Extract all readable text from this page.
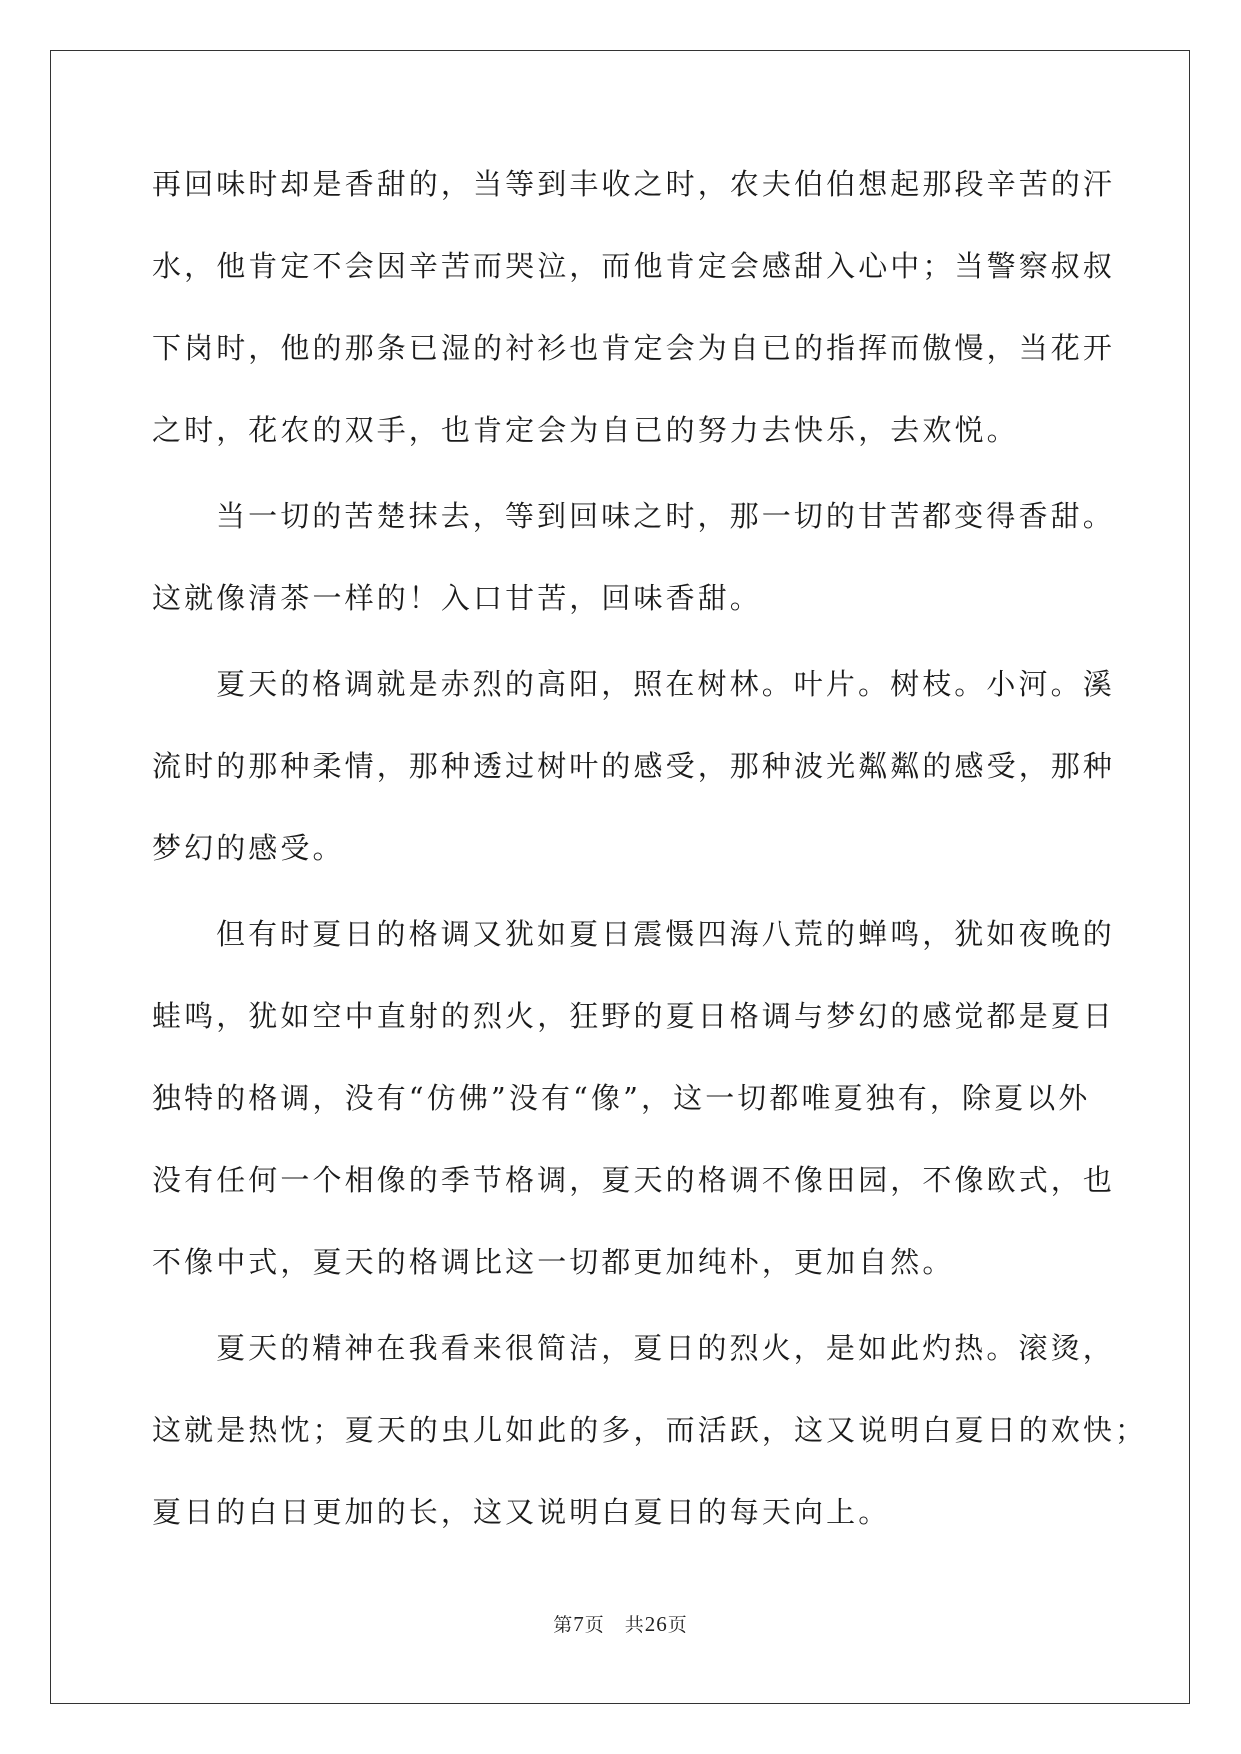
再回味时却是香甜的，当等到丰收之时，农夫伯伯想起那段辛苦的汗
水，他肯定不会因辛苦而哭泣，而他肯定会感甜入心中；当警察叔叔
下岗时，他的那条已湿的衬衫也肯定会为自已的指挥而傲慢，当花开
之时，花农的双手，也肯定会为自已的努力去快乐，去欢悦。
当一切的苦楚抹去，等到回味之时，那一切的甘苦都变得香甜。
这就像清茶一样的！入口甘苦，回味香甜。
夏天的格调就是赤烈的高阳，照在树林。叶片。树枝。小河。溪
流时的那种柔情，那种透过树叶的感受，那种波光粼粼的感受，那种
梦幻的感受。
但有时夏日的格调又犹如夏日震慑四海八荒的蝉鸣，犹如夜晚的
蛙鸣，犹如空中直射的烈火，狂野的夏日格调与梦幻的感觉都是夏日
独特的格调，没有“仿佛”没有“像”，这一切都唯夏独有，除夏以外
没有任何一个相像的季节格调，夏天的格调不像田园，不像欧式，也
不像中式，夏天的格调比这一切都更加纯朴，更加自然。
夏天的精神在我看来很简洁，夏日的烈火，是如此灼热。滚烫，
这就是热忱；夏天的虫儿如此的多，而活跃，这又说明白夏日的欢快；
夏日的白日更加的长，这又说明白夏日的每天向上。
第7页　共26页
